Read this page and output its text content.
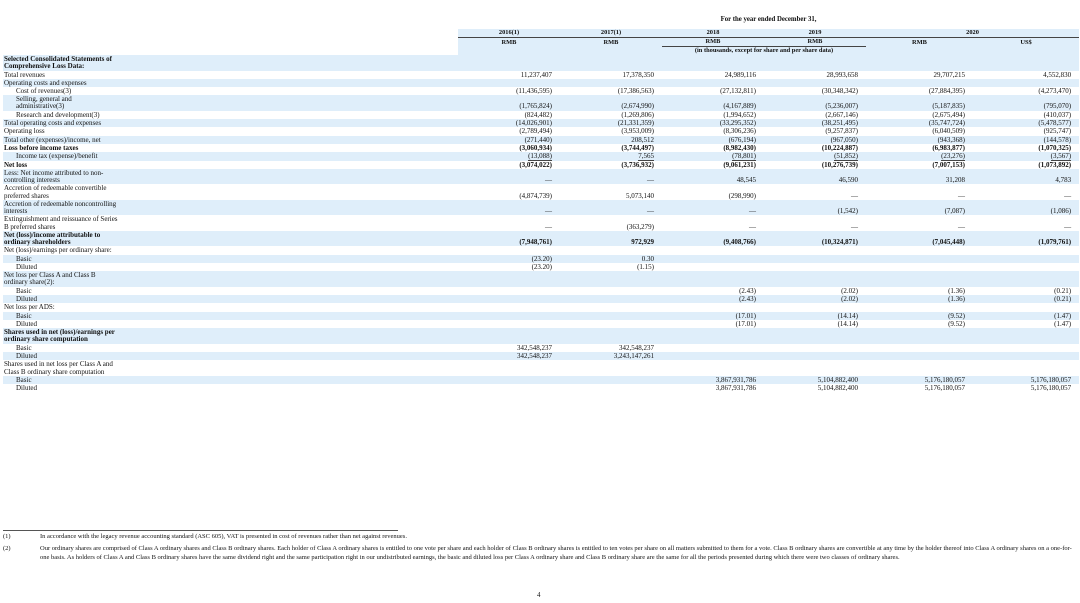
	For the year ended December 31,					

	2016(1)	2017(1)	2018	2019	2020	
	RMB	RMB	RMB	RMB	RMB	US$
			(in thousands, except for share and per share data)			
Selected Consolidated Statements of Comprehensive Loss Data:						
Total revenues	11,237,407	17,378,350	24,989,116	28,993,658	29,707,215	4,552,830
Operating costs and expenses						
Cost of revenues(3)	(11,436,595)	(17,386,563)	(27,132,811)	(30,348,342)	(27,884,395)	(4,273,470)
Selling, general and administrative(3)	(1,765,824)	(2,674,990)	(4,167,889)	(5,236,007)	(5,187,835)	(795,070)
Research and development(3)	(824,482)	(1,269,806)	(1,994,652)	(2,667,146)	(2,675,494)	(410,037)
Total operating costs and expenses	(14,026,901)	(21,331,359)	(33,295,352)	(38,251,495)	(35,747,724)	(5,478,577)
Operating loss	(2,789,494)	(3,953,009)	(8,306,236)	(9,257,837)	(6,040,509)	(925,747)
Total other (expenses)/income, net	(271,440)	208,512	(676,194)	(967,050)	(943,368)	(144,578)
Loss before income taxes	(3,060,934)	(3,744,497)	(8,982,430)	(10,224,887)	(6,983,877)	(1,070,325)
Income tax (expense)/benefit	(13,088)	7,565	(78,801)	(51,852)	(23,276)	(3,567)
Net loss	(3,074,022)	(3,736,932)	(9,061,231)	(10,276,739)	(7,007,153)	(1,073,892)
Less: Net income attributed to non-controlling interests	—	—	48,545	46,590	31,208	4,783
Accretion of redeemable convertible preferred shares	(4,874,739)	5,073,140	(298,990)	—	—	—
Accretion of redeemable noncontrolling interests	—	—	—	(1,542)	(7,087)	(1,086)
Extinguishment and reissuance of Series B preferred shares	—	(363,279)	—	—	—	—
Net (loss)/income attributable to ordinary shareholders	(7,948,761)	972,929	(9,408,766)	(10,324,871)	(7,045,448)	(1,079,761)
Net (loss)/earnings per ordinary share:						
Basic	(23.20)	0.30				
Diluted	(23.20)	(1.15)				
Net loss per Class A and Class B ordinary share(2):						
Basic			(2.43)	(2.02)	(1.36)	(0.21)
Diluted			(2.43)	(2.02)	(1.36)	(0.21)
Net loss per ADS:						
Basic			(17.01)	(14.14)	(9.52)	(1.47)
Diluted			(17.01)	(14.14)	(9.52)	(1.47)
Shares used in net (loss)/earnings per ordinary share computation						
Basic	342,548,237	342,548,237				
Diluted	342,548,237	3,243,147,261				
Shares used in net loss per Class A and Class B ordinary share computation						
Basic			3,867,931,786	5,104,882,400	5,176,180,057	5,176,180,057
Diluted			3,867,931,786	5,104,882,400	5,176,180,057	5,176,180,057
(1)	In accordance with the legacy revenue accounting standard (ASC 605), VAT is presented in cost of revenues rather than net against revenues.
(2)	Our ordinary shares are comprised of Class A ordinary shares and Class B ordinary shares. Each holder of Class A ordinary shares is entitled to one vote per share and each holder of Class B ordinary shares is entitled to ten votes per share on all matters submitted to them for a vote. Class B ordinary shares are convertible at any time by the holder thereof into Class A ordinary shares on a one-for-one basis. As holders of Class A and Class B ordinary shares have the same dividend right and the same participation right in our undistributed earnings, the basic and diluted loss per Class A ordinary share and Class B ordinary share are the same for all the periods presented during which there were two classes of ordinary shares.
4
